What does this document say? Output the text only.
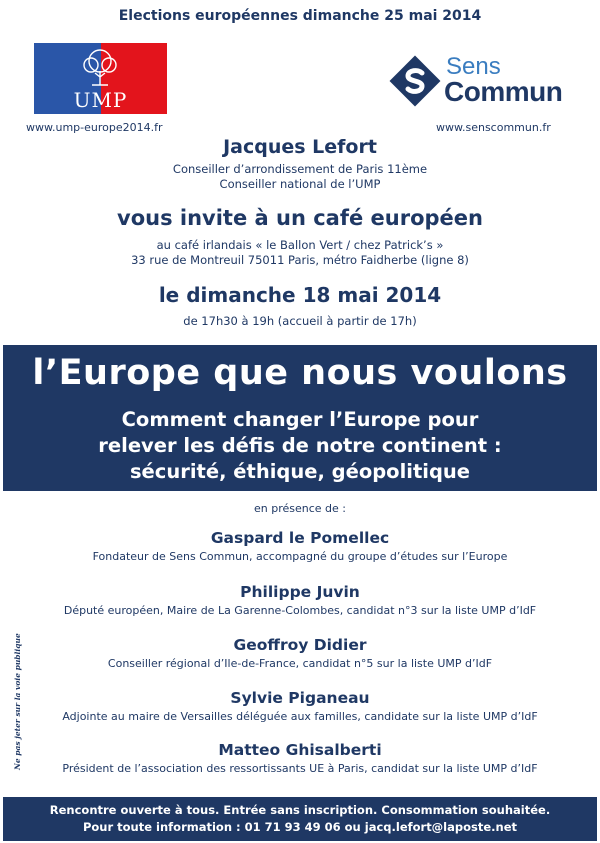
Elections européennes dimanche 25 mai 2014
UMP
Sens
Commun
www.ump-europe2014.fr	www.senscommun.fr
Jacques Lefort
Conseiller d’arrondissement de Paris 11ème
Conseiller national de l’UMP
vous invite à un café européen
au café irlandais « le Ballon Vert / chez Patrick’s »
33 rue de Montreuil 75011 Paris, métro Faidherbe (ligne 8)
le dimanche 18 mai 2014
de 17h30 à 19h (accueil à partir de 17h)
l’Europe que nous voulons
Comment changer l’Europe pour
relever les défis de notre continent :
sécurité, éthique, géopolitique
en présence de :
Gaspard le Pomellec
Fondateur de Sens Commun, accompagné du groupe d’études sur l’Europe
Philippe Juvin
Député européen, Maire de La Garenne-Colombes, candidat n°3 sur la liste UMP d’IdF
Geoffroy Didier
Conseiller régional d’Ile-de-France, candidat n°5 sur la liste UMP d’IdF
Sylvie Piganeau
Adjointe au maire de Versailles déléguée aux familles, candidate sur la liste UMP d’IdF
Matteo Ghisalberti
Président de l’association des ressortissants UE à Paris, candidat sur la liste UMP d’IdF
Ne pas jeter sur la voie publique
Rencontre ouverte à tous. Entrée sans inscription. Consommation souhaitée.
Pour toute information : 01 71 93 49 06 ou jacq.lefort@laposte.net
